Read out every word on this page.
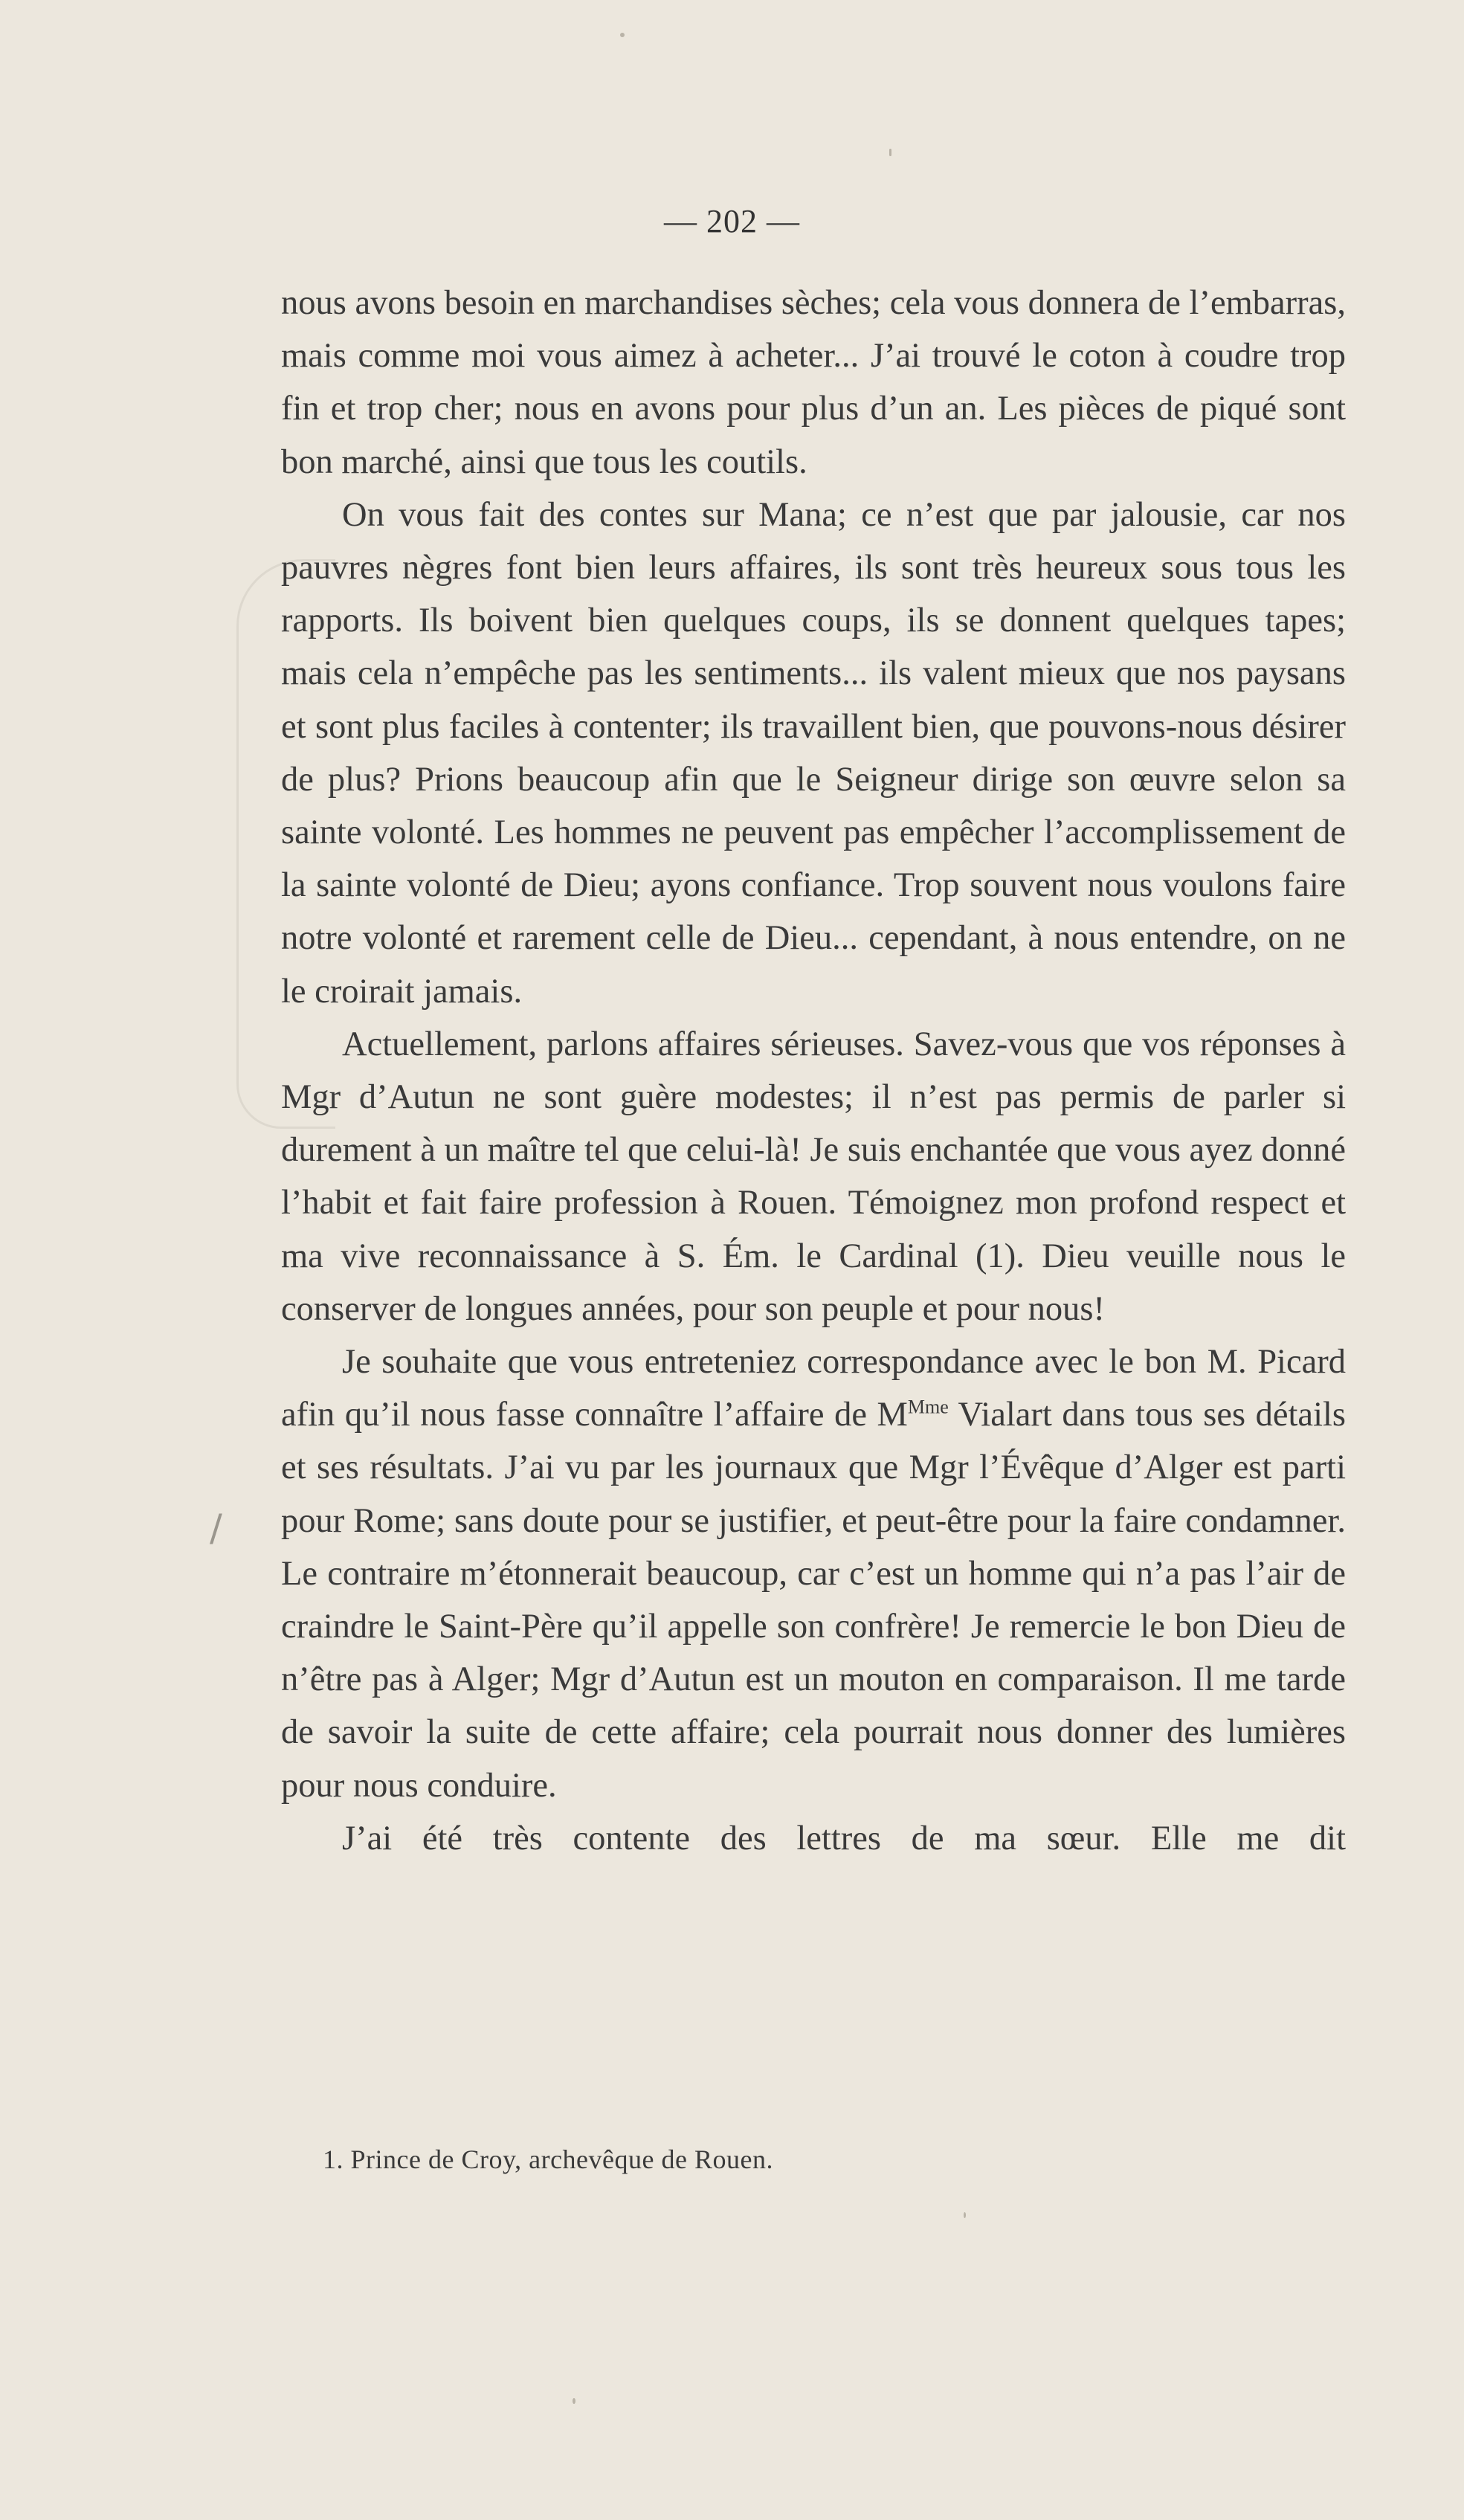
— 202 —

nous avons besoin en marchandises sèches; cela vous donnera de l’embarras, mais comme moi vous aimez à acheter... J’ai trouvé le coton à coudre trop fin et trop cher; nous en avons pour plus d’un an. Les pièces de piqué sont bon marché, ainsi que tous les coutils.

On vous fait des contes sur Mana; ce n’est que par jalousie, car nos pauvres nègres font bien leurs affaires, ils sont très heureux sous tous les rapports. Ils boivent bien quelques coups, ils se donnent quelques tapes; mais cela n’empêche pas les sentiments... ils valent mieux que nos paysans et sont plus faciles à contenter; ils travaillent bien, que pouvons-nous désirer de plus? Prions beaucoup afin que le Seigneur dirige son œuvre selon sa sainte volonté. Les hommes ne peuvent pas empêcher l’accomplissement de la sainte volonté de Dieu; ayons confiance. Trop souvent nous voulons faire notre volonté et rarement celle de Dieu... cependant, à nous entendre, on ne le croirait jamais.

Actuellement, parlons affaires sérieuses. Savez-vous que vos réponses à Mgr d’Autun ne sont guère modestes; il n’est pas permis de parler si durement à un maître tel que celui-là! Je suis enchantée que vous ayez donné l’habit et fait faire profession à Rouen. Témoignez mon profond respect et ma vive reconnaissance à S. Ém. le Cardinal (1). Dieu veuille nous le conserver de longues années, pour son peuple et pour nous!

Je souhaite que vous entreteniez correspondance avec le bon M. Picard afin qu’il nous fasse connaître l’affaire de $M^{Mme}$ Vialart dans tous ses détails et ses résultats. J’ai vu par les journaux que Mgr l’Évêque d’Alger est parti pour Rome; sans doute pour se justifier, et peut-être pour la faire condamner. Le contraire m’étonnerait beaucoup, car c’est un homme qui n’a pas l’air de craindre le Saint-Père qu’il appelle son confrère! Je remercie le bon Dieu de n’être pas à Alger; Mgr d’Autun est un mouton en comparaison. Il me tarde de savoir la suite de cette affaire; cela pourrait nous donner des lumières pour nous conduire.

J’ai été très contente des lettres de ma sœur. Elle me dit

/
1. Prince de Croy, archevêque de Rouen.
